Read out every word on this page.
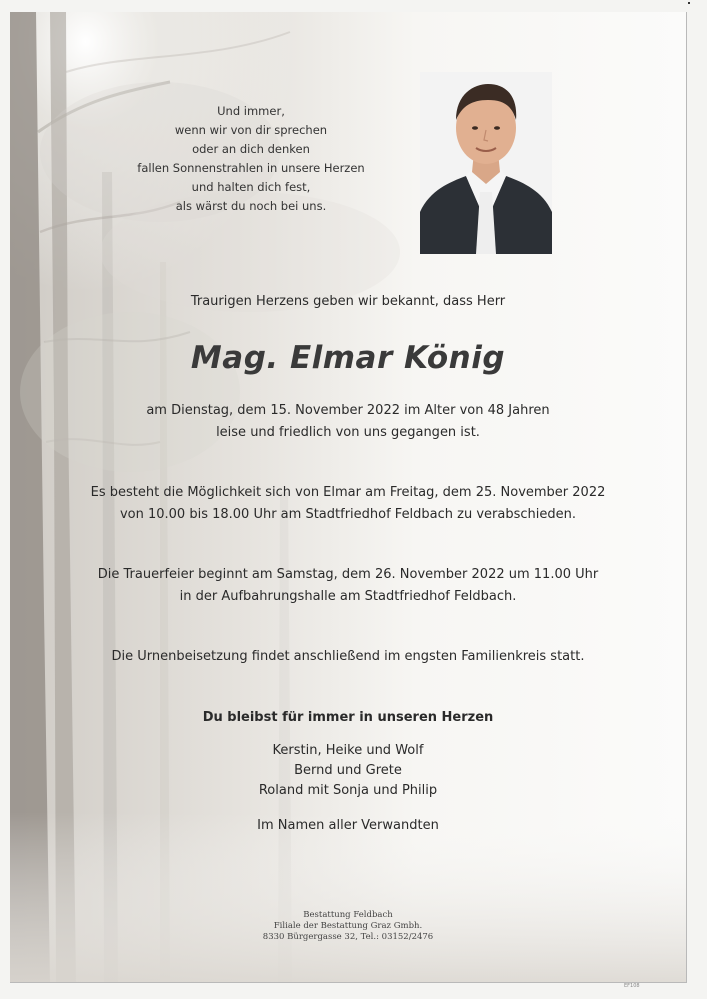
Und immer,
wenn wir von dir sprechen
oder an dich denken
fallen Sonnenstrahlen in unsere Herzen
und halten dich fest,
als wärst du noch bei uns.
Traurigen Herzens geben wir bekannt, dass Herr
Mag. Elmar König
am Dienstag, dem 15. November 2022 im Alter von 48 Jahren
leise und friedlich von uns gegangen ist.
Es besteht die Möglichkeit sich von Elmar am Freitag, dem 25. November 2022
von 10.00 bis 18.00 Uhr am Stadtfriedhof Feldbach zu verabschieden.
Die Trauerfeier beginnt am Samstag, dem 26. November 2022 um 11.00 Uhr
in der Aufbahrungshalle am Stadtfriedhof Feldbach.
Die Urnenbeisetzung findet anschließend im engsten Familienkreis statt.
Du bleibst für immer in unseren Herzen
Kerstin, Heike und Wolf
Bernd und Grete
Roland mit Sonja und Philip
Im Namen aller Verwandten
Bestattung Feldbach
Filiale der Bestattung Graz Gmbh.
8330 Bürgergasse 32, Tel.: 03152/2476
EF108
